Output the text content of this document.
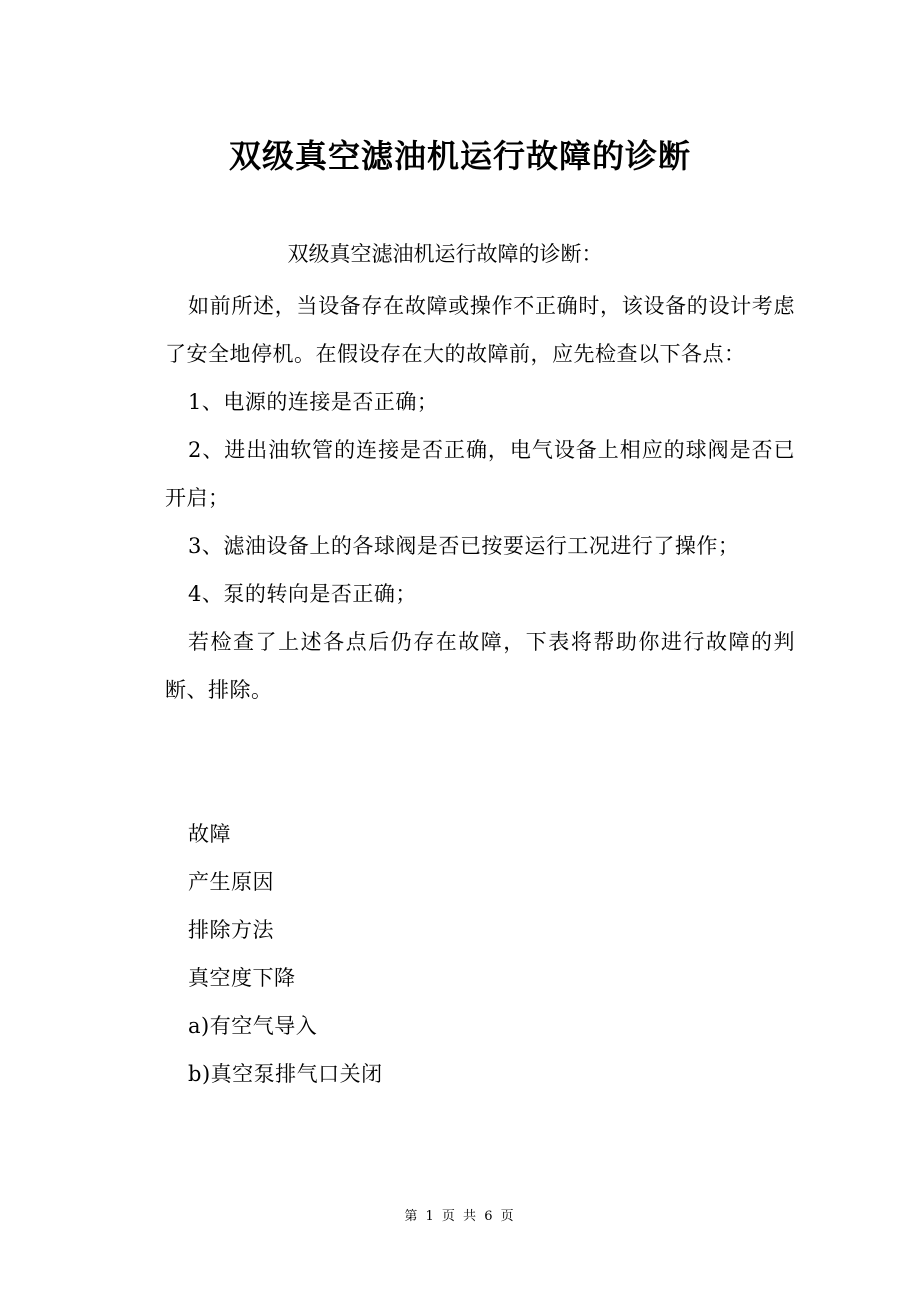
双级真空滤油机运行故障的诊断
双级真空滤油机运行故障的诊断：

如前所述，当设备存在故障或操作不正确时，该设备的设计考虑了安全地停机。在假设存在大的故障前，应先检查以下各点：

1、电源的连接是否正确；

2、进出油软管的连接是否正确，电气设备上相应的球阀是否已开启；

3、滤油设备上的各球阀是否已按要运行工况进行了操作；

4、泵的转向是否正确；

若检查了上述各点后仍存在故障，下表将帮助你进行故障的判断、排除。

故障

产生原因

排除方法

真空度下降

a)有空气导入

b)真空泵排气口关闭

第 1 页 共 6 页
